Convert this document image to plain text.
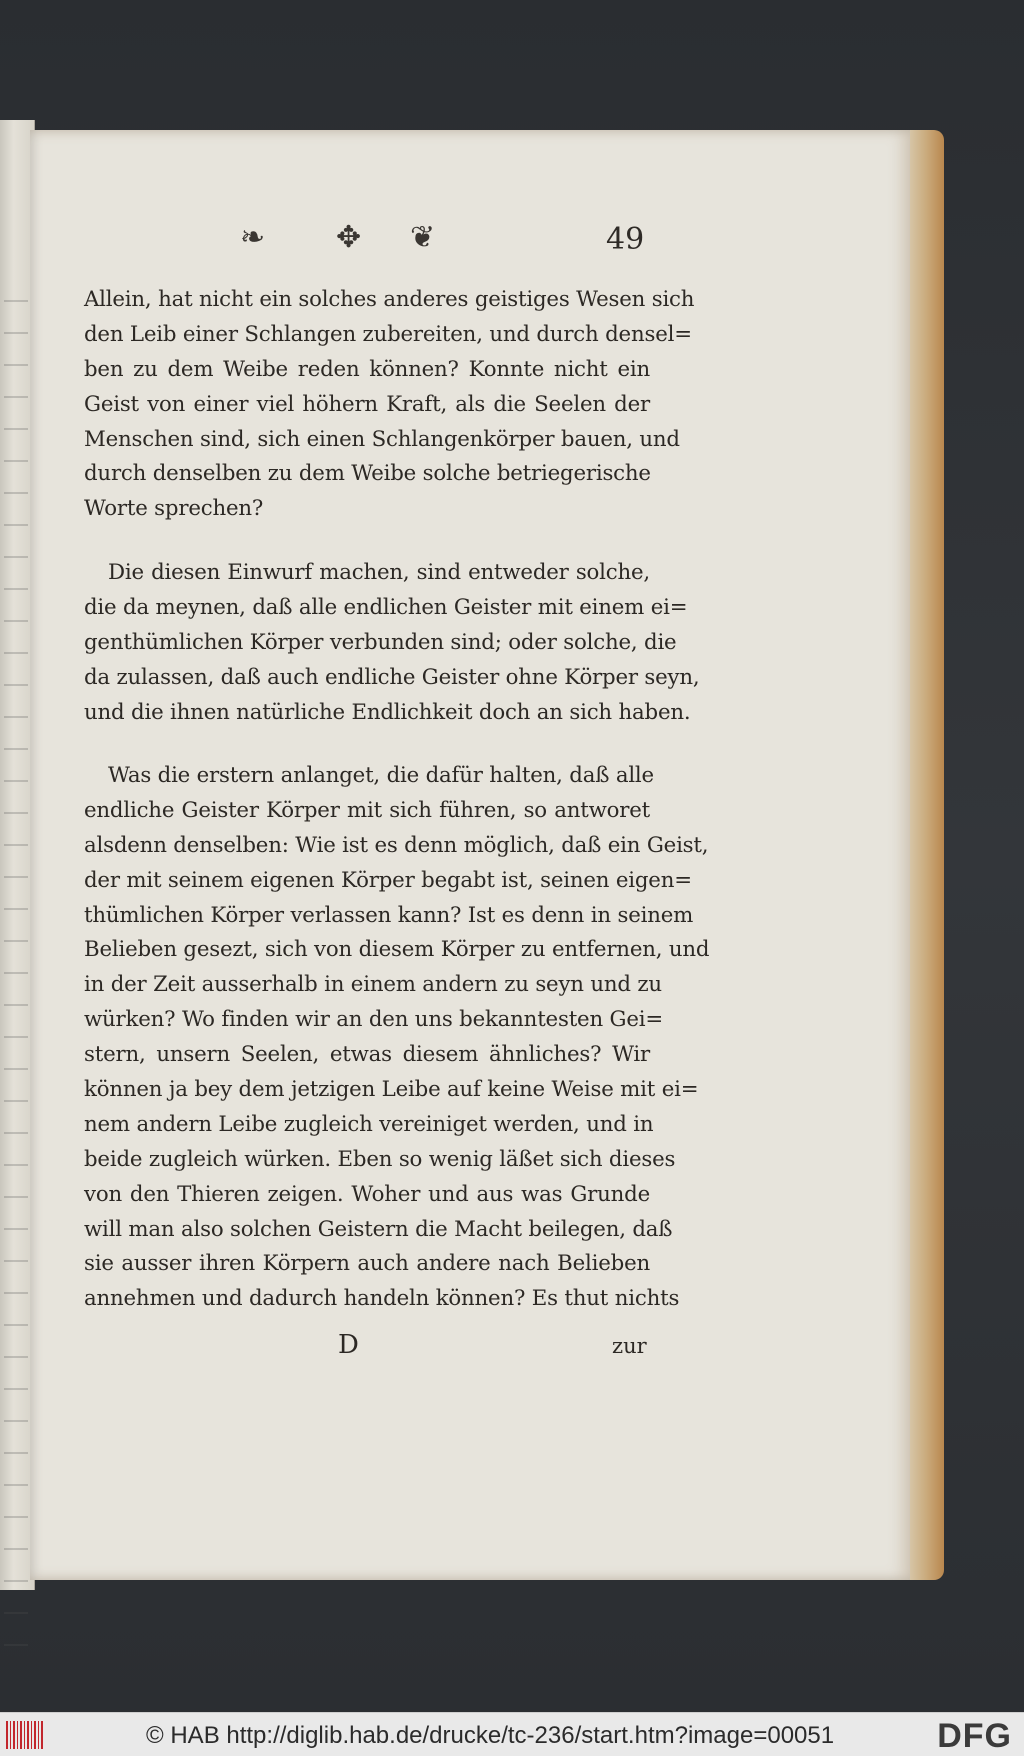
❧ ✥ ❦	49
Allein, hat nicht ein solches anderes geistiges Wesen sich
den Leib einer Schlangen zubereiten, und durch densel=
ben zu dem Weibe reden können? Konnte nicht ein
Geist von einer viel höhern Kraft, als die Seelen der
Menschen sind, sich einen Schlangenkörper bauen, und
durch denselben zu dem Weibe solche betriegerische
Worte sprechen?
Die diesen Einwurf machen, sind entweder solche,
die da meynen, daß alle endlichen Geister mit einem ei=
genthümlichen Körper verbunden sind; oder solche, die
da zulassen, daß auch endliche Geister ohne Körper seyn,
und die ihnen natürliche Endlichkeit doch an sich haben.
Was die erstern anlanget, die dafür halten, daß alle
endliche Geister Körper mit sich führen, so antworet
alsdenn denselben: Wie ist es denn möglich, daß ein Geist,
der mit seinem eigenen Körper begabt ist, seinen eigen=
thümlichen Körper verlassen kann? Ist es denn in seinem
Belieben gesezt, sich von diesem Körper zu entfernen, und
in der Zeit ausserhalb in einem andern zu seyn und zu
würken? Wo finden wir an den uns bekanntesten Gei=
stern, unsern Seelen, etwas diesem ähnliches? Wir
können ja bey dem jetzigen Leibe auf keine Weise mit ei=
nem andern Leibe zugleich vereiniget werden, und in
beide zugleich würken. Eben so wenig läßet sich dieses
von den Thieren zeigen. Woher und aus was Grunde
will man also solchen Geistern die Macht beilegen, daß
sie ausser ihren Körpern auch andere nach Belieben
annehmen und dadurch handeln können? Es thut nichts
D	zur
© HAB http://diglib.hab.de/drucke/tc-236/start.htm?image=00051	DFG
